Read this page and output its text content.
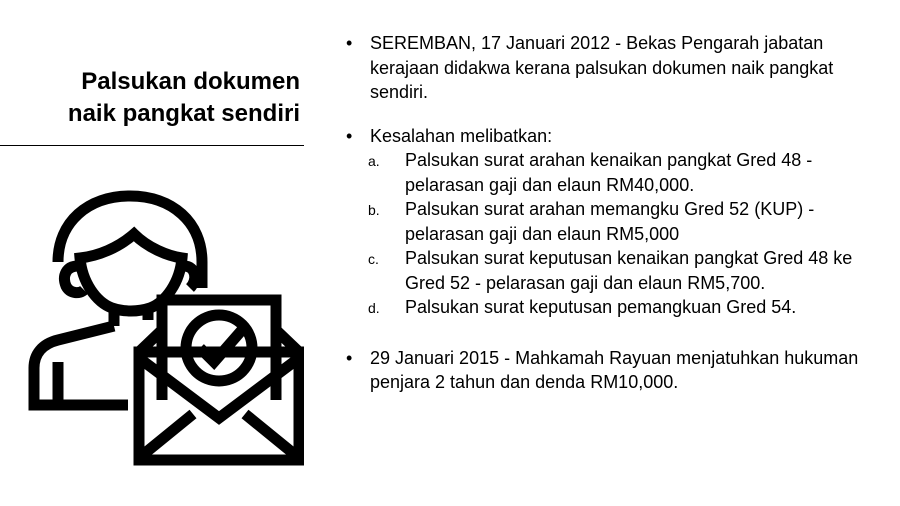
Palsukan dokumen
naik pangkat sendiri
• SEREMBAN, 17 Januari 2012 - Bekas Pengarah jabatan kerajaan didakwa kerana palsukan dokumen naik pangkat sendiri.
• Kesalahan melibatkan:
a. Palsukan surat arahan kenaikan pangkat Gred 48 - pelarasan gaji dan elaun RM40,000.
b. Palsukan surat arahan memangku Gred 52 (KUP) - pelarasan gaji dan elaun RM5,000
c. Palsukan surat keputusan kenaikan pangkat Gred 48 ke Gred 52 - pelarasan gaji dan elaun RM5,700.
d. Palsukan surat keputusan pemangkuan Gred 54.
• 29 Januari 2015 - Mahkamah Rayuan menjatuhkan hukuman penjara 2 tahun dan denda RM10,000.
